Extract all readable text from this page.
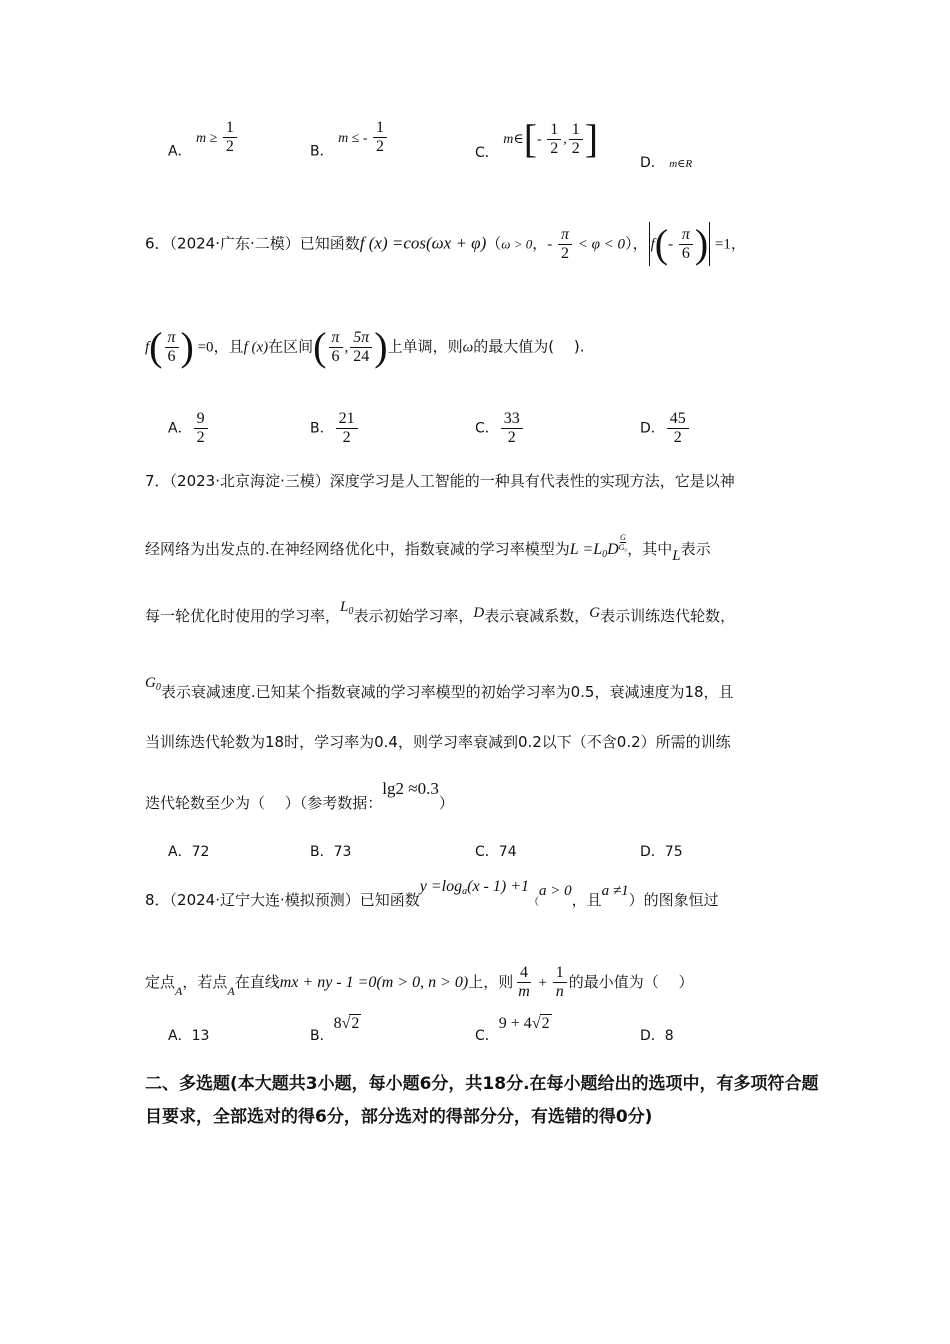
A． $m \ge \frac{1}{2}$	B． m ≤ - $\frac{1}{2}$	C． m∈[- $\frac{1}{2}$ , $\frac{1}{2}$ ]
D． m∈R
6．（2024·广东·二模）已知函数f (x) =cos(ωx + φ)（ω > 0，- $\frac{\pi}{2} < \varphi < 0$）， $f(- \frac{\pi}{6}$ ) =1，
$f( \frac{\pi}{6}$ ) =0，且f (x)在区间( $\frac{\pi}{6}$ , $\frac{5\pi}{24}$ )上单调，则ω的最大值为(　 ).
A． $\frac{9}{2}$	B． $\frac{21}{2}$	C． $\frac{33}{2}$	D． $\frac{45}{2}$
7．（2023·北京海淀·三模）深度学习是人工智能的一种具有代表性的实现方法，它是以神
经网络为出发点的.在神经网络优化中，指数衰减的学习率模型为$L =L_0D \frac{G}{\text{G₀}}$ ，其中L表示
每一轮优化时使用的学习率，$L_0$表示初始学习率，D表示衰减系数，G表示训练迭代轮数，
$G_0$表示衰减速度.已知某个指数衰减的学习率模型的初始学习率为0.5，衰减速度为18，且
当训练迭代轮数为18时，学习率为0.4，则学习率衰减到0.2以下（不含0.2）所需的训练
迭代轮数至少为（　 ）（参考数据：lg2 ≈0.3）
A．72	B．73	C．74	D．75
8．（2024·辽宁大连·模拟预测）已知函数$y =\log_a(x - 1) +1(a > 0$，且a ≠1）的图象恒过
定点$_A$，若点$_A$在直线mx + ny - 1 =0(m > 0, n > 0)上，则 $\frac{4}{m} + \frac{1}{n}$ 的最小值为（　 ）
A．13	B．8√2
C．9 + 4√2
D．8
二、多选题(本大题共3小题，每小题6分，共18分.在每小题给出的选项中，有多项符合题目要求，全部选对的得6分，部分选对的得部分分，有选错的得0分)
